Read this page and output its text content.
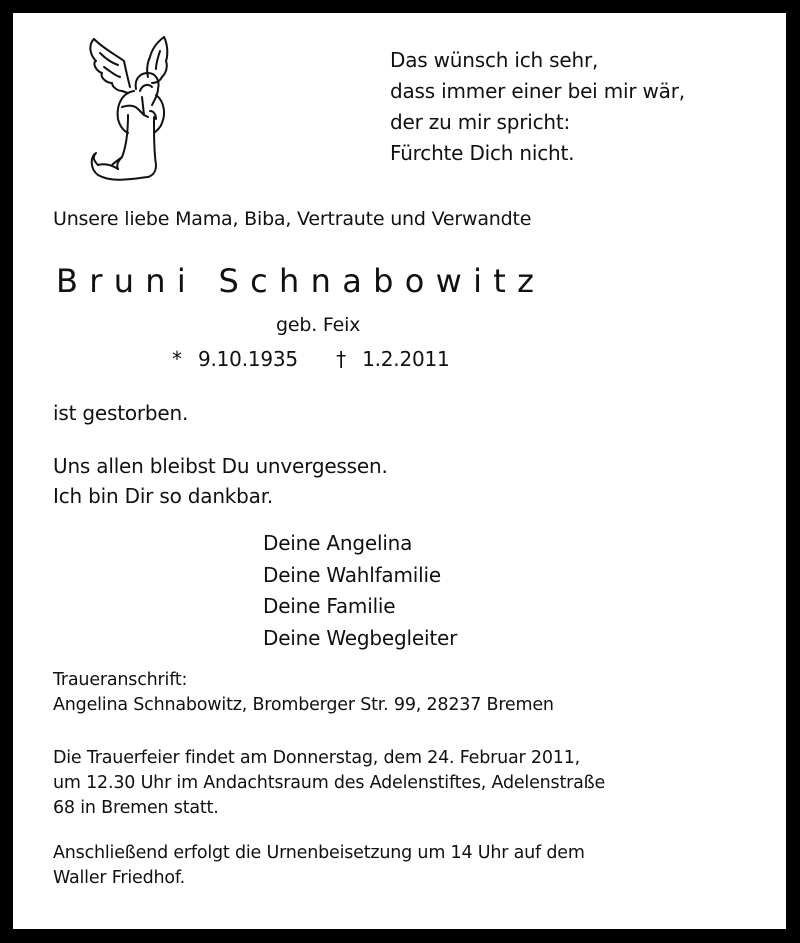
Das wünsch ich sehr,
dass immer einer bei mir wär,
der zu mir spricht:
Fürchte Dich nicht.

Unsere liebe Mama, Biba, Vertraute und Verwandte

Bruni Schnabowitz

geb. Feix

* 9.10.1935 † 1.2.2011

ist gestorben.

Uns allen bleibst Du unvergessen.
Ich bin Dir so dankbar.
Deine Angelina
Deine Wahlfamilie
Deine Familie
Deine Wegbegleiter

Traueranschrift:

Angelina Schnabowitz, Bromberger Str. 99, 28237 Bremen

Die Trauerfeier findet am Donnerstag, dem 24. Februar 2011,
um 12.30 Uhr im Andachtsraum des Adelenstiftes, Adelenstraße
68 in Bremen statt.
Anschließend erfolgt die Urnenbeisetzung um 14 Uhr auf dem
Waller Friedhof.
